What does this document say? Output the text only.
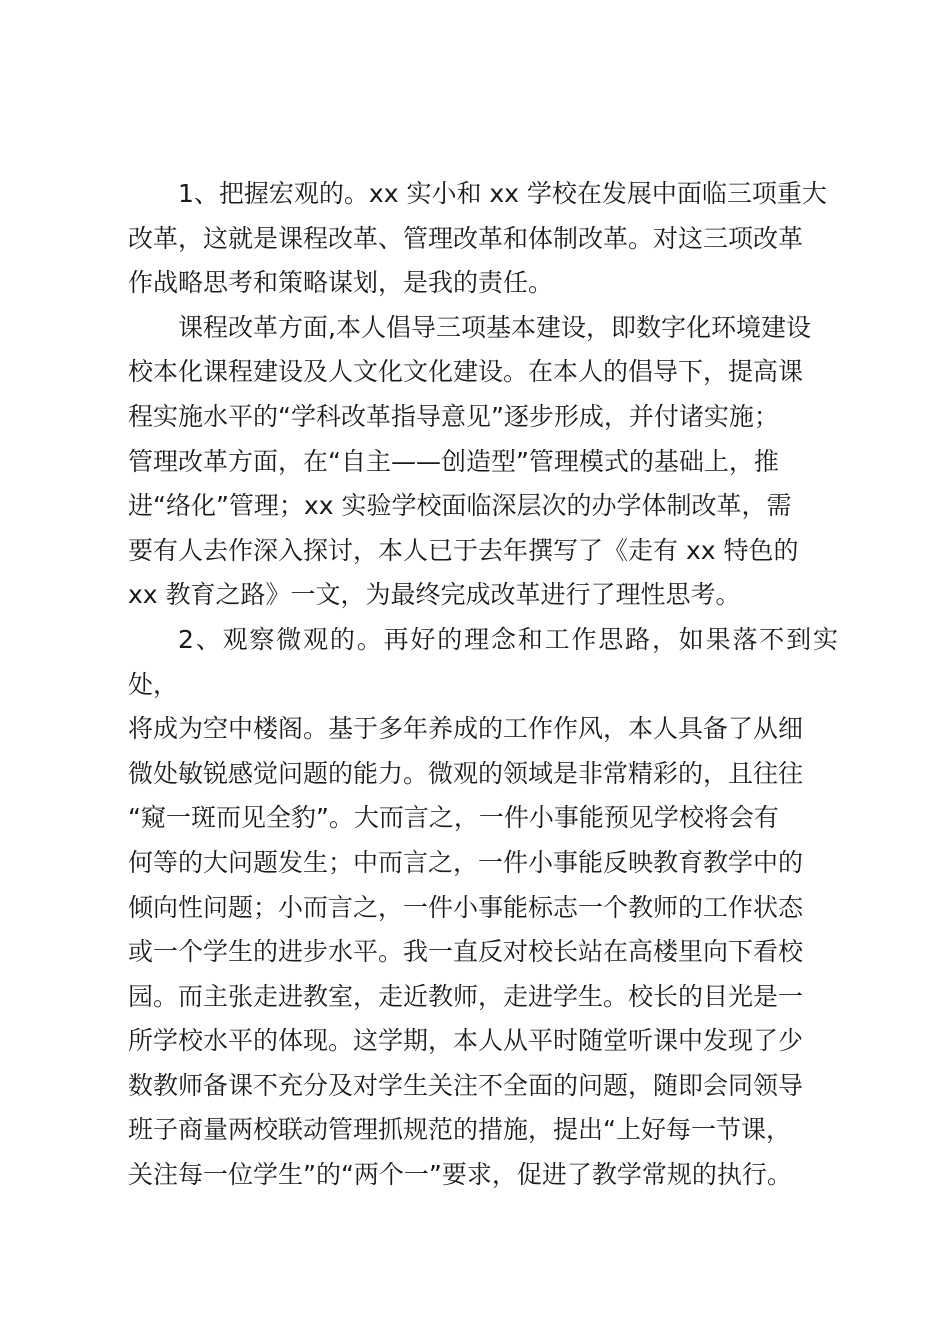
1、把握宏观的。xx 实小和 xx 学校在发展中面临三项重大
改革，这就是课程改革、管理改革和体制改革。对这三项改革
作战略思考和策略谋划，是我的责任。

课程改革方面,本人倡导三项基本建设，即数字化环境建设
校本化课程建设及人文化文化建设。在本人的倡导下，提高课
程实施水平的“学科改革指导意见”逐步形成，并付诸实施；
管理改革方面，在“自主——创造型”管理模式的基础上，推
进“络化”管理；xx 实验学校面临深层次的办学体制改革，需
要有人去作深入探讨，本人已于去年撰写了《走有 xx 特色的
xx 教育之路》一文，为最终完成改革进行了理性思考。

2、观察微观的。再好的理念和工作思路，如果落不到实处，
将成为空中楼阁。基于多年养成的工作作风，本人具备了从细
微处敏锐感觉问题的能力。微观的领域是非常精彩的，且往往
“窥一斑而见全豹”。大而言之，一件小事能预见学校将会有
何等的大问题发生；中而言之，一件小事能反映教育教学中的
倾向性问题；小而言之，一件小事能标志一个教师的工作状态
或一个学生的进步水平。我一直反对校长站在高楼里向下看校
园。而主张走进教室，走近教师，走进学生。校长的目光是一
所学校水平的体现。这学期，本人从平时随堂听课中发现了少
数教师备课不充分及对学生关注不全面的问题，随即会同领导
班子商量两校联动管理抓规范的措施，提出“上好每一节课，
关注每一位学生”的“两个一”要求，促进了教学常规的执行。
